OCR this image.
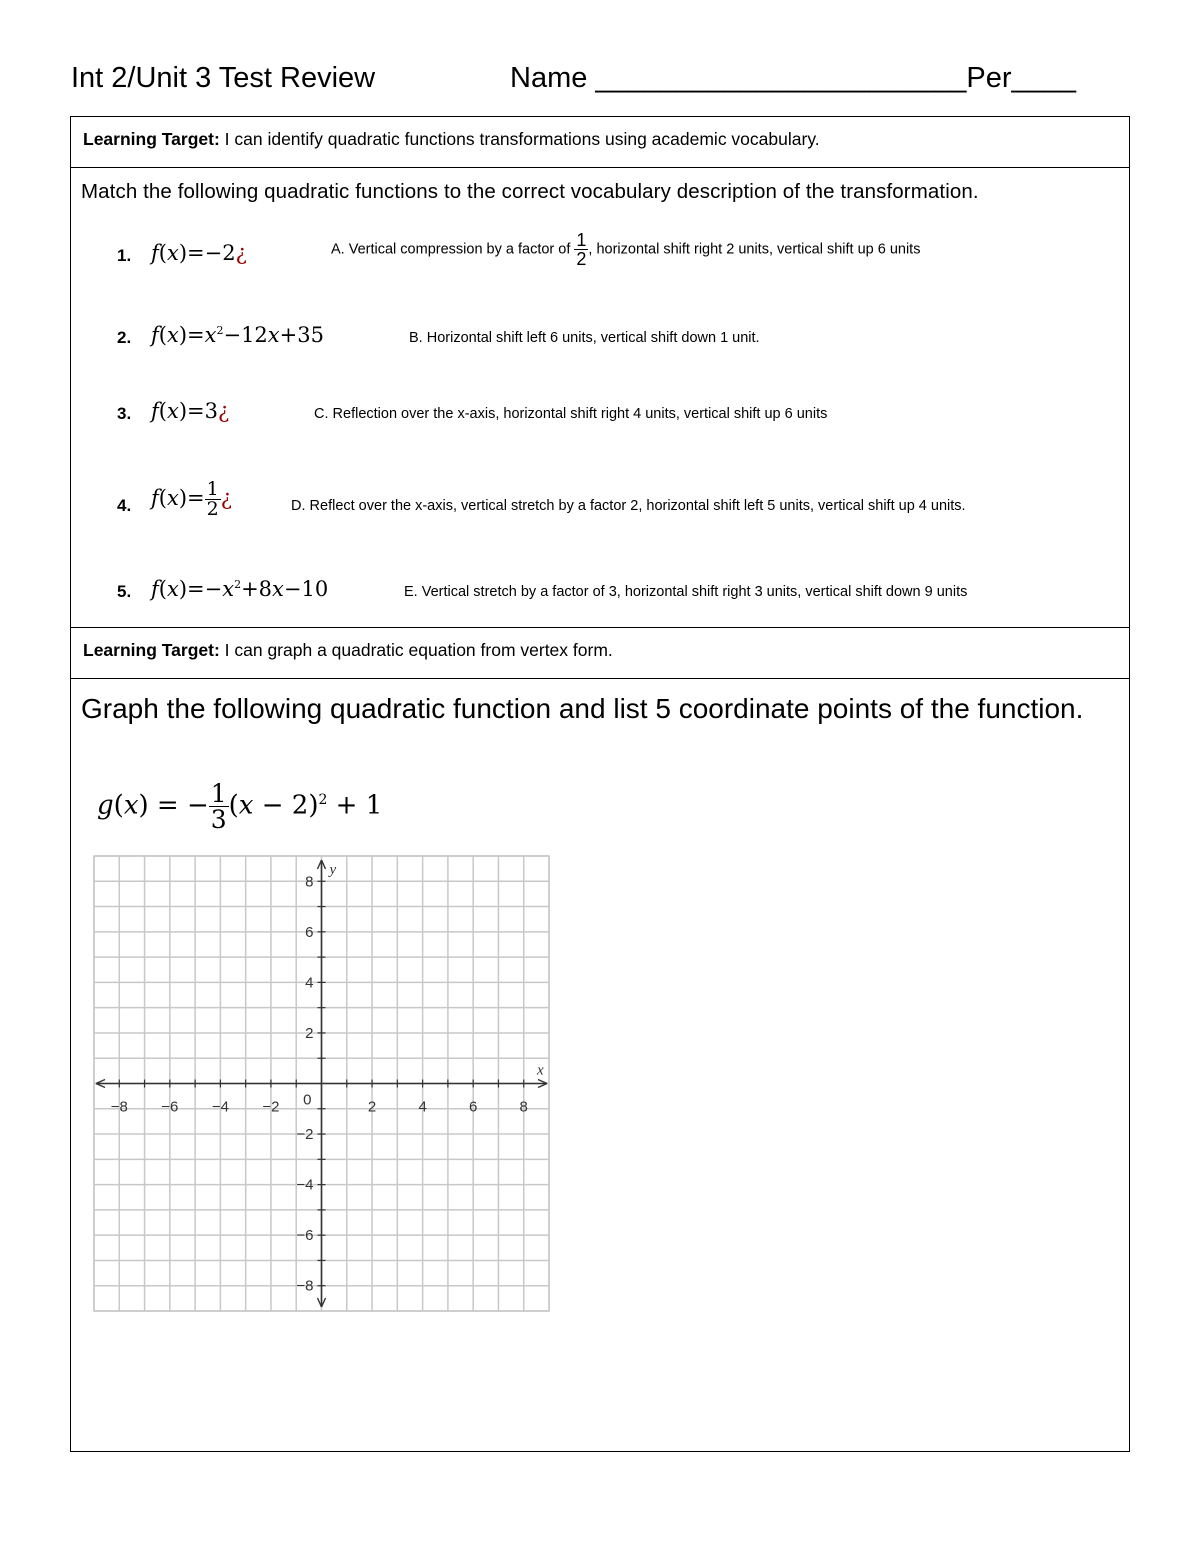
Int 2/Unit 3 Test Review	Name _______________________Per____
Learning Target: I can identify quadratic functions transformations using academic vocabulary.
Match the following quadratic functions to the correct vocabulary description of the transformation.
1. f(x)=−2¿	A. Vertical compression by a factor of $\frac{1}{2}$ , horizontal shift right 2 units, vertical shift up 6 units
2. $f(x)=x^2-12x+35$	B. Horizontal shift left 6 units, vertical shift down 1 unit.
3. f(x)=3¿	C. Reflection over the x-axis, horizontal shift right 4 units, vertical shift up 6 units
4. $f(x)= \frac{1}{2}$ ¿	D. Reflect over the x-axis, vertical stretch by a factor 2, horizontal shift left 5 units, vertical shift up 4 units.
5. $f(x)=-x^2+8x-10$	E. Vertical stretch by a factor of 3, horizontal shift right 3 units, vertical shift down 9 units
Learning Target: I can graph a quadratic equation from vertex form.
Graph the following quadratic function and list 5 coordinate points of the function.
g(x) = − $\frac{1}{3} (x - 2)^2 + 1$
−8 −6 −4 −2	2	4	6	8
8
6
4
2
−2
−4
−6
−8
0
x
y
